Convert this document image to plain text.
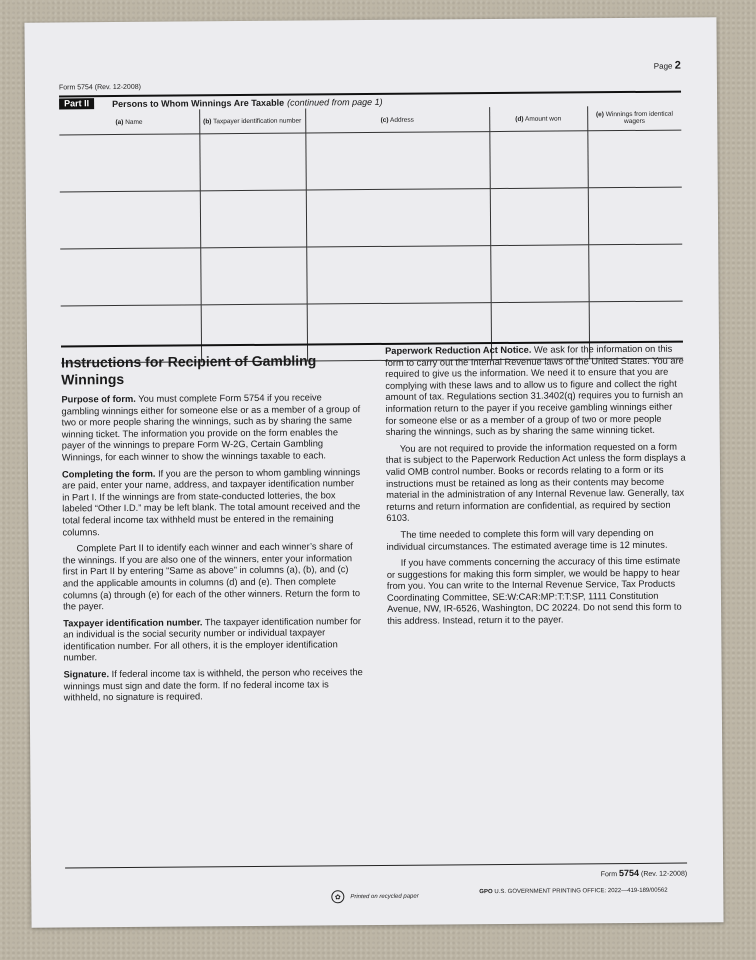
Page 2
Form 5754 (Rev. 12-2008)
Part II	Persons to Whom Winnings Are Taxable (continued from page 1)
(a) Name	(b) Taxpayer identification number	(c) Address	(d) Amount won	(e) Winnings from identical wagers

Instructions for Recipient of Gambling Winnings

Purpose of form. You must complete Form 5754 if you receive gambling winnings either for someone else or as a member of a group of two or more people sharing the winnings, such as by sharing the same winning ticket. The information you provide on the form enables the payer of the winnings to prepare Form W-2G, Certain Gambling Winnings, for each winner to show the winnings taxable to each.

Completing the form. If you are the person to whom gambling winnings are paid, enter your name, address, and taxpayer identification number in Part I. If the winnings are from state-conducted lotteries, the box labeled “Other I.D.” may be left blank. The total amount received and the total federal income tax withheld must be entered in the remaining columns.

Complete Part II to identify each winner and each winner’s share of the winnings. If you are also one of the winners, enter your information first in Part II by entering “Same as above” in columns (a), (b), and (c) and the applicable amounts in columns (d) and (e). Then complete columns (a) through (e) for each of the other winners. Return the form to the payer.

Taxpayer identification number. The taxpayer identification number for an individual is the social security number or individual taxpayer identification number. For all others, it is the employer identification number.

Signature. If federal income tax is withheld, the person who receives the winnings must sign and date the form. If no federal income tax is withheld, no signature is required.

Paperwork Reduction Act Notice. We ask for the information on this form to carry out the Internal Revenue laws of the United States. You are required to give us the information. We need it to ensure that you are complying with these laws and to allow us to figure and collect the right amount of tax. Regulations section 31.3402(q) requires you to furnish an information return to the payer if you receive gambling winnings either for someone else or as a member of a group of two or more people sharing the winnings, such as by sharing the same winning ticket.

You are not required to provide the information requested on a form that is subject to the Paperwork Reduction Act unless the form displays a valid OMB control number. Books or records relating to a form or its instructions must be retained as long as their contents may become material in the administration of any Internal Revenue law. Generally, tax returns and return information are confidential, as required by section 6103.

The time needed to complete this form will vary depending on individual circumstances. The estimated average time is 12 minutes.

If you have comments concerning the accuracy of this time estimate or suggestions for making this form simpler, we would be happy to hear from you. You can write to the Internal Revenue Service, Tax Products Coordinating Committee, SE:W:CAR:MP:T:T:SP, 1111 Constitution Avenue, NW, IR-6526, Washington, DC 20224. Do not send this form to this address. Instead, return it to the payer.

Form 5754 (Rev. 12-2008)
✿	Printed on recycled paper
GPO U.S. GOVERNMENT PRINTING OFFICE: 2022—419-189/00562
